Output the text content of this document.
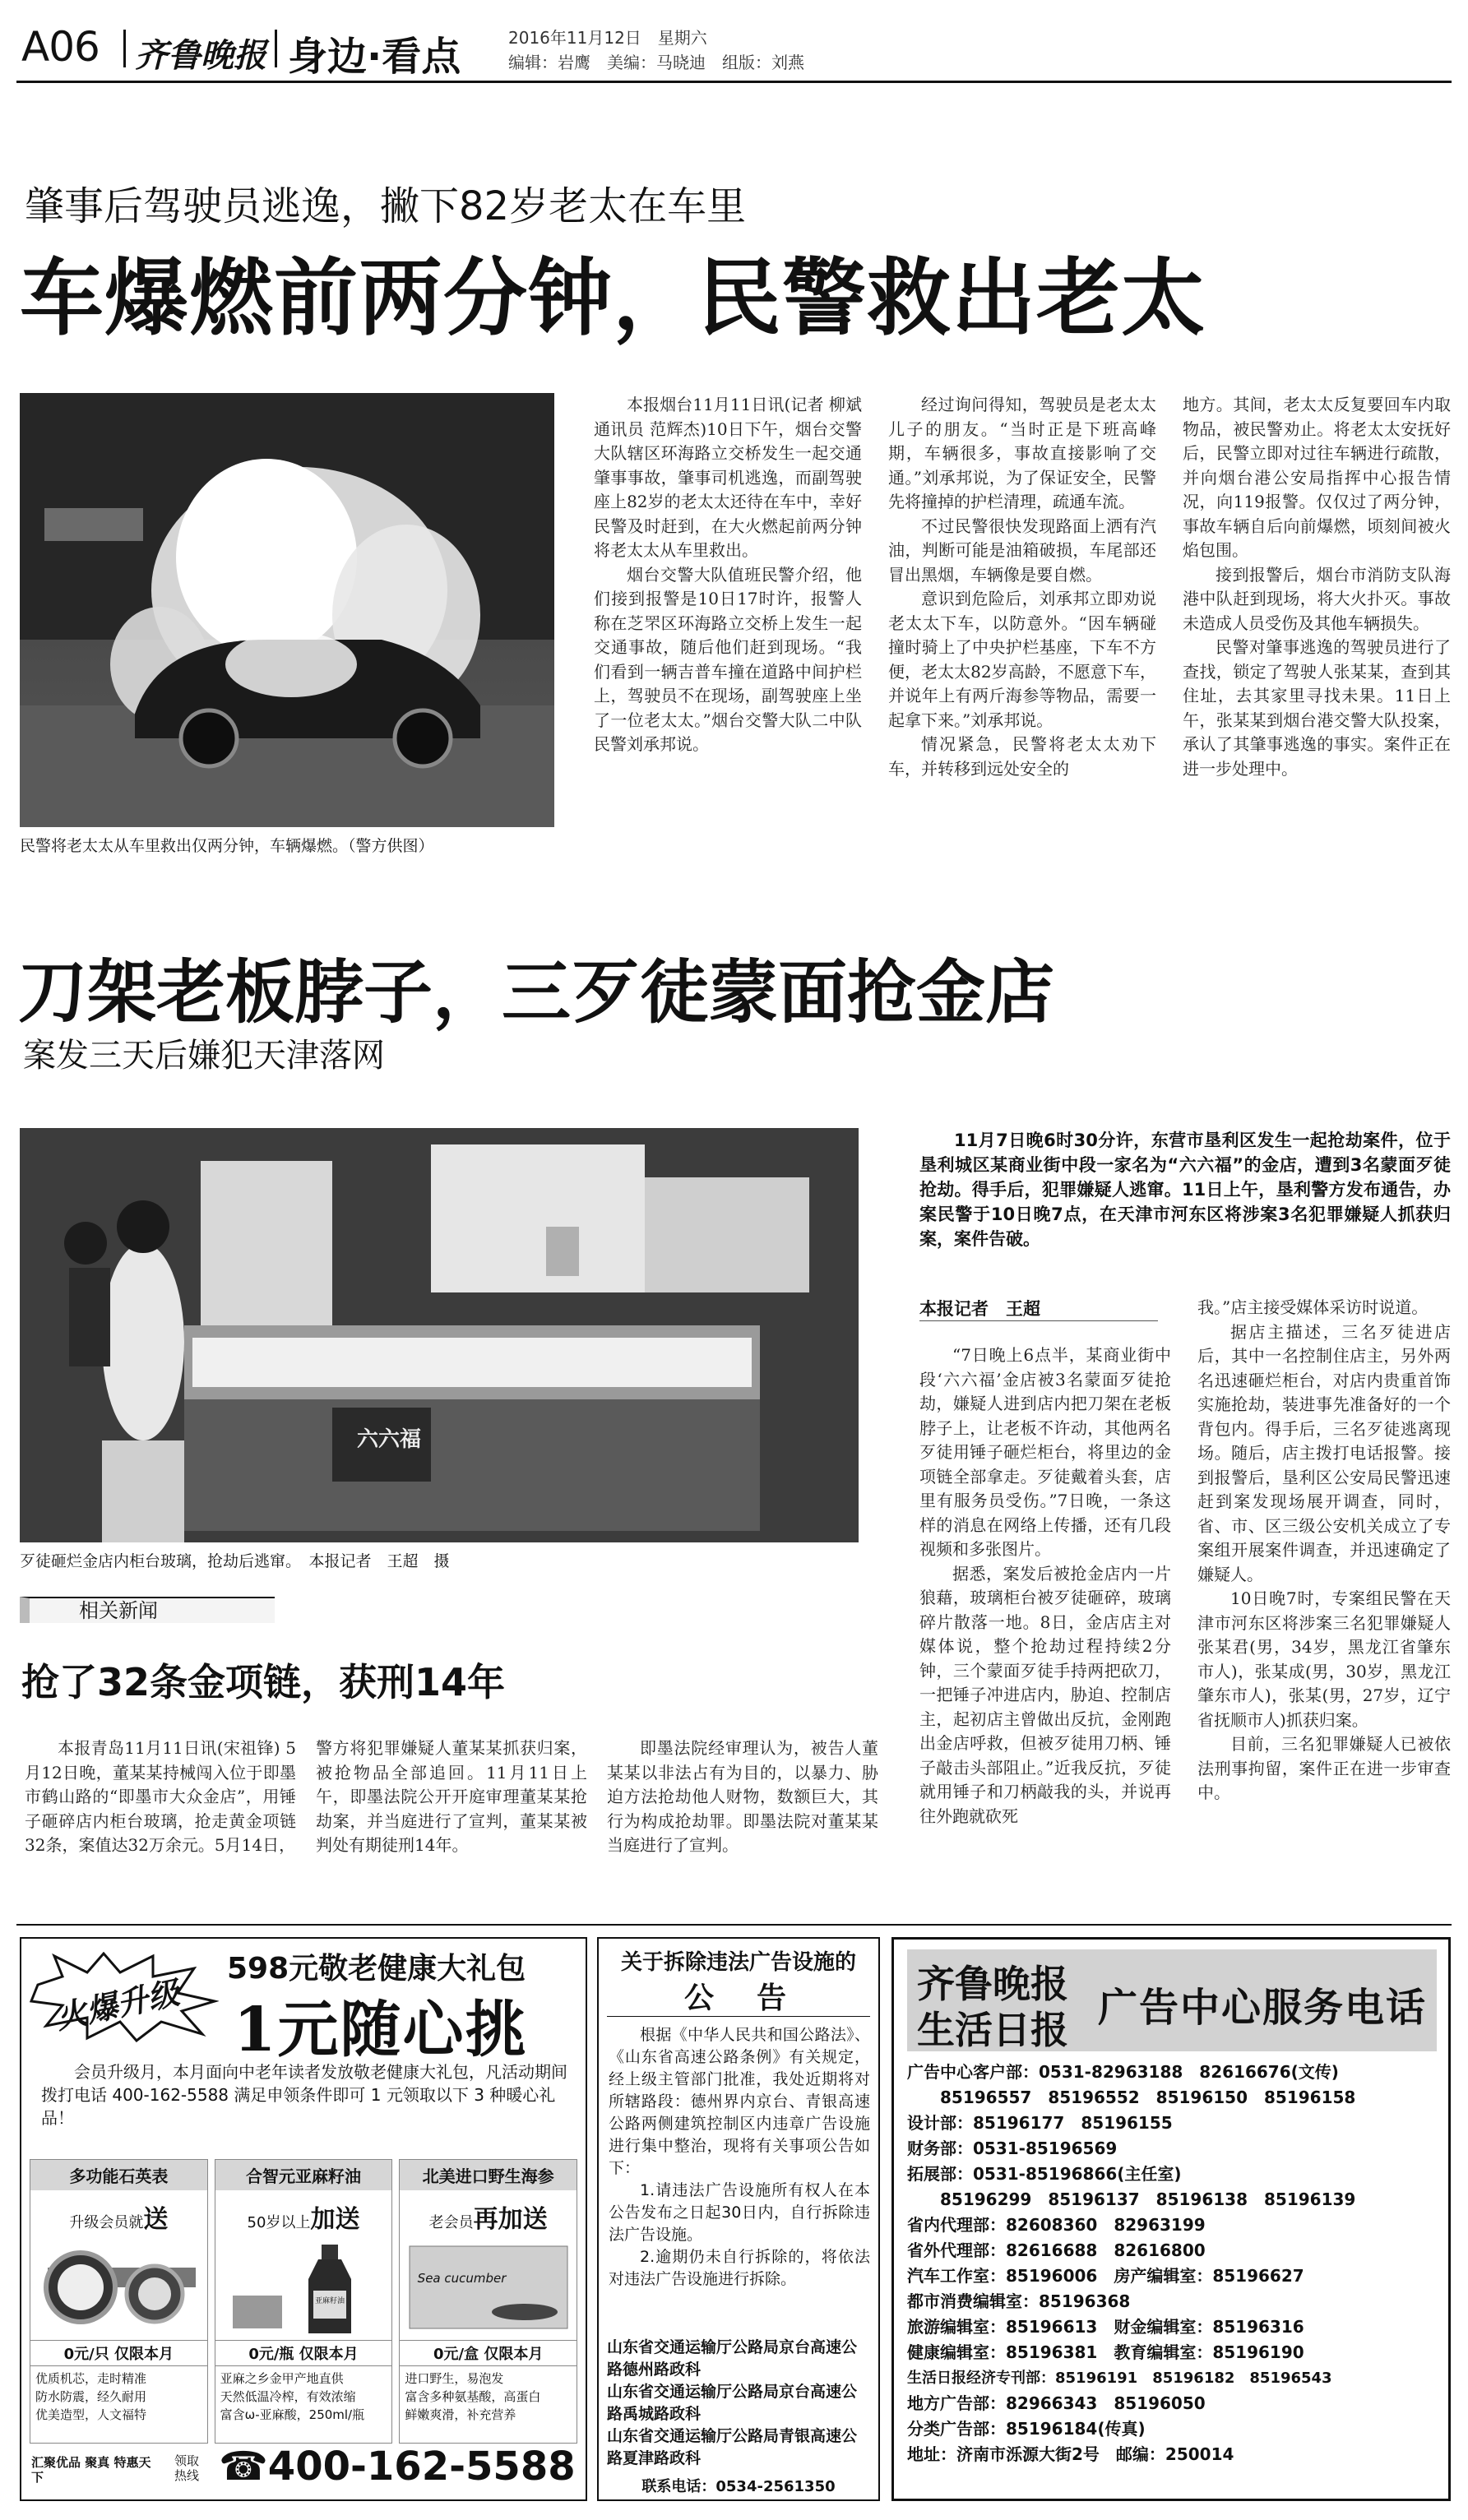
A06 齐鲁晚报 身边·看点	2016年11月12日　 星期六
编辑：岩鹰　美编：马晓迪　组版：刘燕
肇事后驾驶员逃逸，撇下82岁老太在车里
车爆燃前两分钟，民警救出老太
民警将老太太从车里救出仅两分钟，车辆爆燃。（警方供图）

本报烟台11月11日讯(记者 柳斌 通讯员 范辉杰)10日下午，烟台交警大队辖区环海路立交桥发生一起交通肇事事故，肇事司机逃逸，而副驾驶座上82岁的老太太还待在车中，幸好民警及时赶到，在大火燃起前两分钟将老太太从车里救出。

烟台交警大队值班民警介绍，他们接到报警是10日17时许，报警人称在芝罘区环海路立交桥上发生一起交通事故，随后他们赶到现场。“我们看到一辆吉普车撞在道路中间护栏上，驾驶员不在现场，副驾驶座上坐了一位老太太。”烟台交警大队二中队民警刘承邦说。

经过询问得知，驾驶员是老太太儿子的朋友。“当时正是下班高峰期，车辆很多，事故直接影响了交通。”刘承邦说，为了保证安全，民警先将撞掉的护栏清理，疏通车流。

不过民警很快发现路面上洒有汽油，判断可能是油箱破损，车尾部还冒出黑烟，车辆像是要自燃。

意识到危险后，刘承邦立即劝说老太太下车，以防意外。“因车辆碰撞时骑上了中央护栏基座，下车不方便，老太太82岁高龄，不愿意下车，并说年上有两斤海参等物品，需要一起拿下来。”刘承邦说。

情况紧急，民警将老太太劝下车，并转移到远处安全的

地方。其间，老太太反复要回车内取物品，被民警劝止。将老太太安抚好后，民警立即对过往车辆进行疏散，并向烟台港公安局指挥中心报告情况，向119报警。仅仅过了两分钟，事故车辆自后向前爆燃，顷刻间被火焰包围。

接到报警后，烟台市消防支队海港中队赶到现场，将大火扑灭。事故未造成人员受伤及其他车辆损失。

民警对肇事逃逸的驾驶员进行了查找，锁定了驾驶人张某某，查到其住址，去其家里寻找未果。11日上午，张某某到烟台港交警大队投案，承认了其肇事逃逸的事实。案件正在进一步处理中。

刀架老板脖子，三歹徒蒙面抢金店
案发三天后嫌犯天津落网
六六福
歹徒砸烂金店内柜台玻璃，抢劫后逃窜。　本报记者　王超　摄
11月7日晚6时30分许，东营市垦利区发生一起抢劫案件，位于垦利城区某商业街中段一家名为“六六福”的金店，遭到3名蒙面歹徒抢劫。得手后，犯罪嫌疑人逃窜。11日上午，垦利警方发布通告，办案民警于10日晚7点，在天津市河东区将涉案3名犯罪嫌疑人抓获归案，案件告破。
本报记者　王超

“7日晚上6点半，某商业街中段‘六六福’金店被3名蒙面歹徒抢劫，嫌疑人进到店内把刀架在老板脖子上，让老板不许动，其他两名歹徒用锤子砸烂柜台，将里边的金项链全部拿走。歹徒戴着头套，店里有服务员受伤。”7日晚，一条这样的消息在网络上传播，还有几段视频和多张图片。

据悉，案发后被抢金店内一片狼藉，玻璃柜台被歹徒砸碎，玻璃碎片散落一地。8日，金店店主对媒体说，整个抢劫过程持续2分钟，三个蒙面歹徒手持两把砍刀，一把锤子冲进店内，胁迫、控制店主，起初店主曾做出反抗，金刚跑出金店呼救，但被歹徒用刀柄、锤子敲击头部阻止。”近我反抗，歹徒就用锤子和刀柄敲我的头，并说再往外跑就砍死

我。”店主接受媒体采访时说道。

据店主描述，三名歹徒进店后，其中一名控制住店主，另外两名迅速砸烂柜台，对店内贵重首饰实施抢劫，装进事先准备好的一个背包内。得手后，三名歹徒逃离现场。随后，店主拨打电话报警。接到报警后，垦利区公安局民警迅速赶到案发现场展开调查，同时，省、市、区三级公安机关成立了专案组开展案件调查，并迅速确定了嫌疑人。

10日晚7时，专案组民警在天津市河东区将涉案三名犯罪嫌疑人张某君(男，34岁，黑龙江省肇东市人)，张某成(男，30岁，黑龙江肇东市人)，张某(男，27岁，辽宁省抚顺市人)抓获归案。

目前，三名犯罪嫌疑人已被依法刑事拘留，案件正在进一步审查中。

相关新闻
抢了32条金项链，获刑14年

本报青岛11月11日讯(宋祖锋) 5月12日晚，董某某持械闯入位于即墨市鹤山路的“即墨市大众金店”，用锤子砸碎店内柜台玻璃，抢走黄金项链32条，案值达32万余元。5月14日，

警方将犯罪嫌疑人董某某抓获归案，被抢物品全部追回。11月11日上午，即墨法院公开开庭审理董某某抢劫案，并当庭进行了宣判，董某某被判处有期徒刑14年。

即墨法院经审理认为，被告人董某某以非法占有为目的，以暴力、胁迫方法抢劫他人财物，数额巨大，其行为构成抢劫罪。即墨法院对董某某当庭进行了宣判。

火爆升级
598元敬老健康大礼包
1元随心挑
会员升级月，本月面向中老年读者发放敬老健康大礼包，凡活动期间拨打电话 400-162-5588 满足申领条件即可 1 元领取以下 3 种暖心礼品！
多功能石英表
升级会员就送
0元/只 仅限本月
优质机芯，走时精准
防水防震，经久耐用
优美造型，人文福特
合智元亚麻籽油
50岁以上加送
亚麻籽油
0元/瓶 仅限本月
亚麻之乡金甲产地直供
天然低温冷榨，有效浓缩
富含ω-亚麻酸，250ml/瓶
北美进口野生海参
老会员再加送
Sea cucumber
0元/盒 仅限本月
进口野生，易泡发
富含多种氨基酸，高蛋白
鲜嫩爽滑，补充营养
汇聚优品 聚真 特惠天下
领取热线 ☎400-162-5588
关于拆除违法广告设施的
公　告

根据《中华人民共和国公路法》、《山东省高速公路条例》有关规定，经上级主管部门批准，我处近期将对所辖路段：德州界内京台、青银高速公路两侧建筑控制区内违章广告设施进行集中整治，现将有关事项公告如下：

1.请违法广告设施所有权人在本公告发布之日起30日内，自行拆除违法广告设施。

2.逾期仍未自行拆除的，将依法对违法广告设施进行拆除。

山东省交通运输厅公路局京台高速公路德州路政科
山东省交通运输厅公路局京台高速公路禹城路政科
山东省交通运输厅公路局青银高速公路夏津路政科
联系电话：0534-2561350
齐鲁晚报
生活日报 广告中心服务电话
广告中心客户部：0531-82963188　82616676(文传)
　　85196557　85196552　85196150　85196158
设计部：85196177　85196155
财务部：0531-85196569
拓展部：0531-85196866(主任室)
　　85196299　85196137　85196138　85196139
省内代理部：82608360　82963199
省外代理部：82616688　82616800
汽车工作室：85196006　房产编辑室：85196627
都市消费编辑室：85196368
旅游编辑室：85196613　财金编辑室：85196316
健康编辑室：85196381　教育编辑室：85196190
生活日报经济专刊部：85196191　85196182　85196543
地方广告部：82966343　85196050
分类广告部：85196184(传真)
地址：济南市泺源大街2号　邮编：250014
